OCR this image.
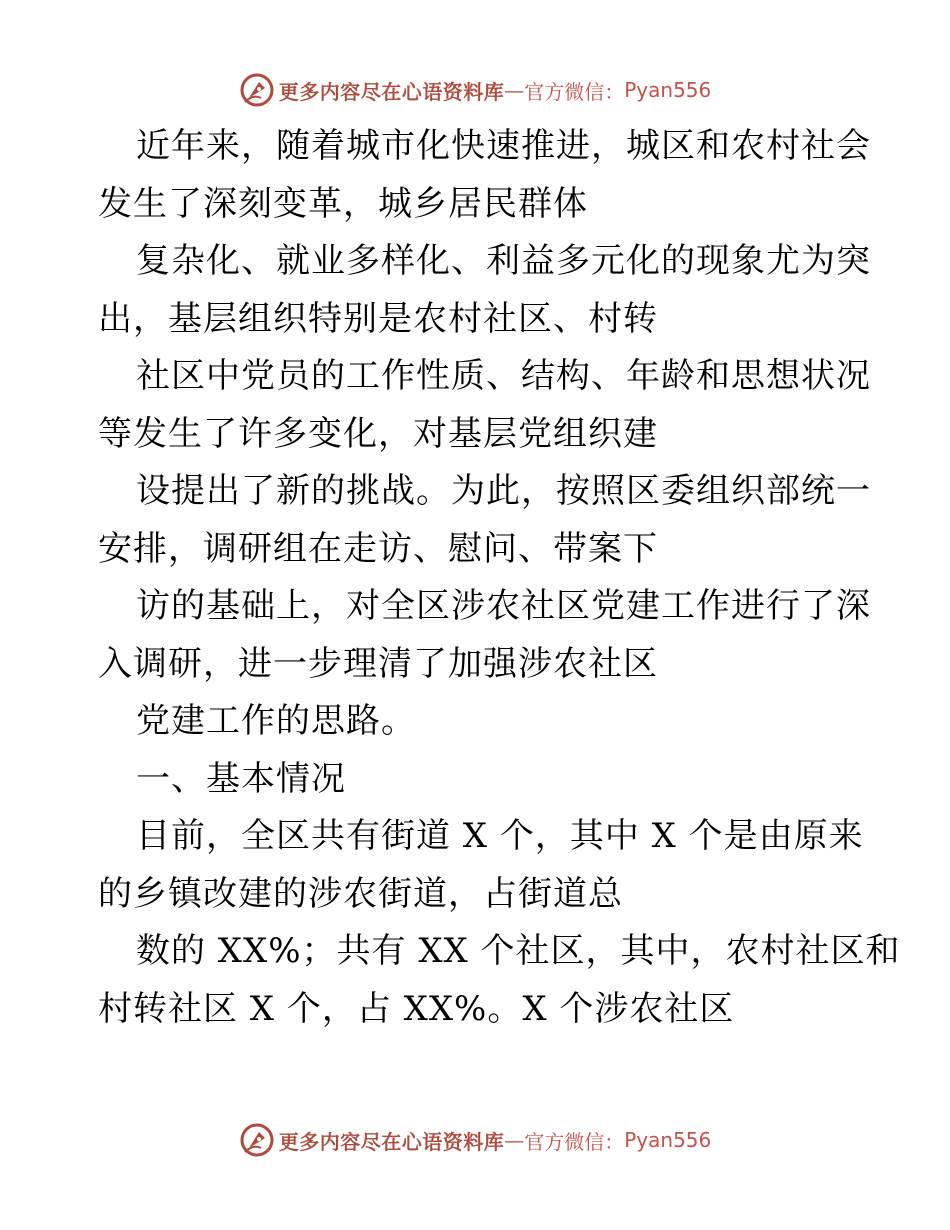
更多内容尽在心语资料库 — 官方微信： Pyan556
近年来，随着城市化快速推进，城区和农村社会
发生了深刻变革，城乡居民群体
复杂化、就业多样化、利益多元化的现象尤为突
出，基层组织特别是农村社区、村转
社区中党员的工作性质、结构、年龄和思想状况
等发生了许多变化，对基层党组织建
设提出了新的挑战。为此，按照区委组织部统一
安排，调研组在走访、慰问、带案下
访的基础上，对全区涉农社区党建工作进行了深
入调研，进一步理清了加强涉农社区
党建工作的思路。
一、基本情况
目前，全区共有街道 X 个，其中 X 个是由原来
的乡镇改建的涉农街道，占街道总
数的 XX%；共有 XX 个社区，其中，农村社区和
村转社区 X 个，占 XX%。X 个涉农社区
更多内容尽在心语资料库 — 官方微信： Pyan556
